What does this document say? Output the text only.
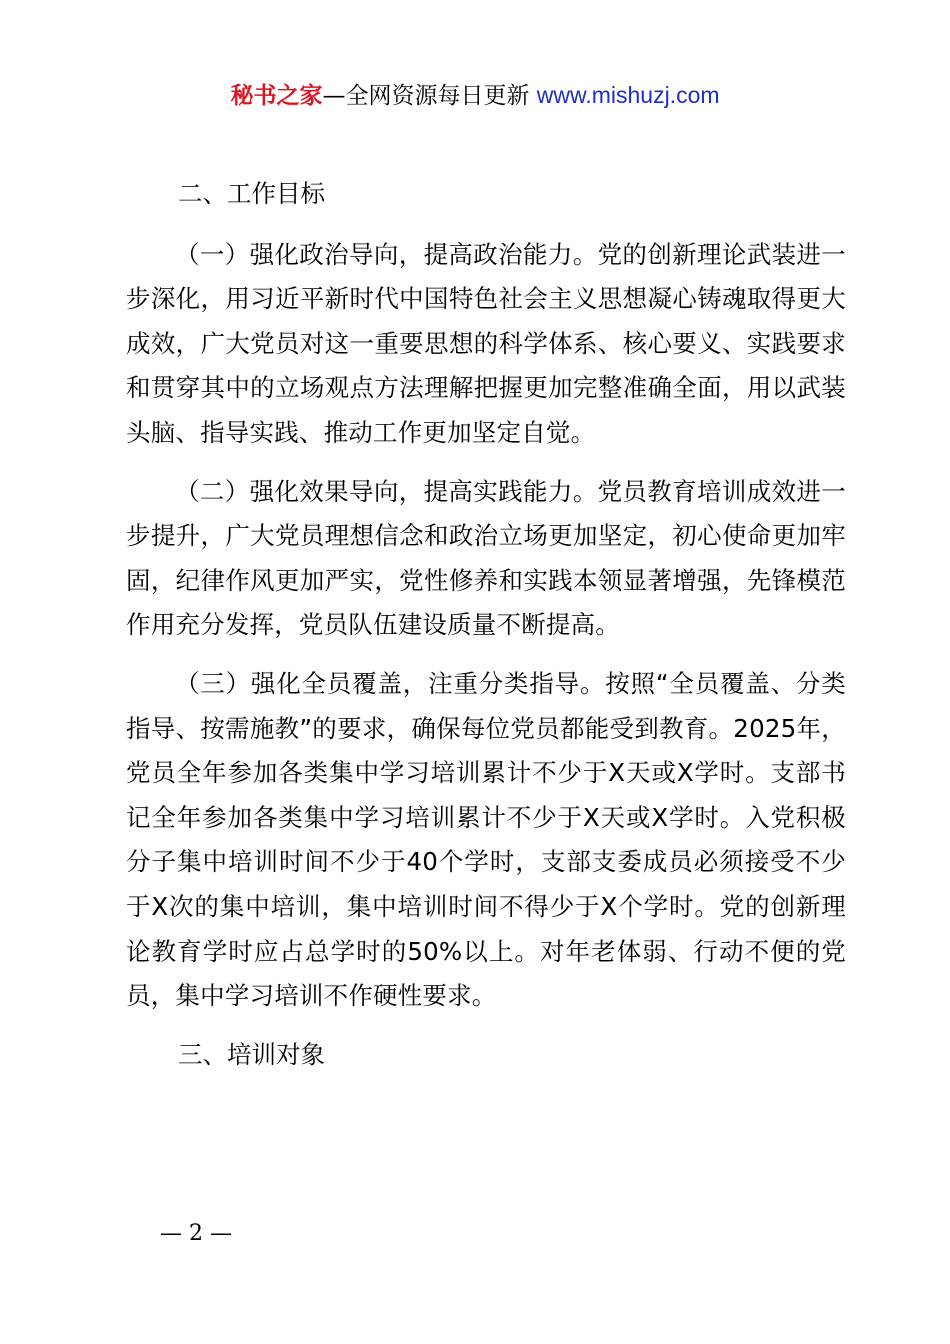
秘书之家—全网资源每日更新 www.mishuzj.com

二、工作目标

（一）强化政治导向，提高政治能力。党的创新理论武装进一步深化，用习近平新时代中国特色社会主义思想凝心铸魂取得更大成效，广大党员对这一重要思想的科学体系、核心要义、实践要求和贯穿其中的立场观点方法理解把握更加完整准确全面，用以武装头脑、指导实践、推动工作更加坚定自觉。

（二）强化效果导向，提高实践能力。党员教育培训成效进一步提升，广大党员理想信念和政治立场更加坚定，初心使命更加牢固，纪律作风更加严实，党性修养和实践本领显著增强，先锋模范作用充分发挥，党员队伍建设质量不断提高。

（三）强化全员覆盖，注重分类指导。按照“全员覆盖、分类指导、按需施教”的要求，确保每位党员都能受到教育。2025年，党员全年参加各类集中学习培训累计不少于X天或X学时。支部书记全年参加各类集中学习培训累计不少于X天或X学时。入党积极分子集中培训时间不少于40个学时，支部支委成员必须接受不少于X次的集中培训，集中培训时间不得少于X个学时。党的创新理论教育学时应占总学时的50%以上。对年老体弱、行动不便的党员，集中学习培训不作硬性要求。

三、培训对象

— 2 —
